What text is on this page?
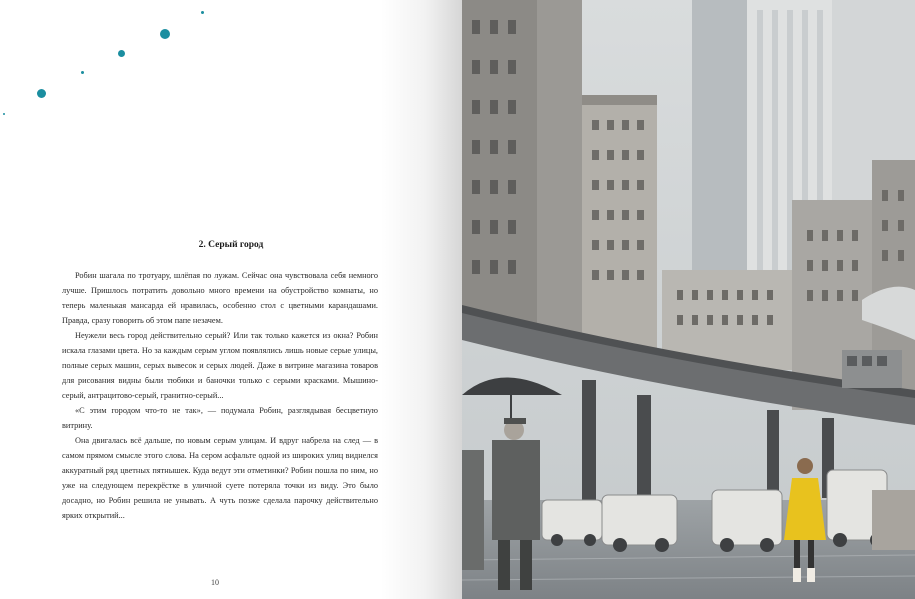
2. Серый город

Робин шагала по тротуару, шлёпая по лужам. Сейчас она чувствовала себя немного лучше. Пришлось потратить довольно много времени на обустройство комнаты, но теперь маленькая мансарда ей нравилась, особенно стол с цветными карандашами. Правда, сразу говорить об этом папе незачем.

Неужели весь город действительно серый? Или так только кажется из окна? Робин искала глазами цвета. Но за каждым серым углом появлялись лишь новые серые улицы, полные серых машин, серых вывесок и серых людей. Даже в витрине магазина товаров для рисования видны были тюбики и баночки только с серыми красками. Мышино-серый, антрацитово-серый, гранитно-серый...

«С этим городом что-то не так», — подумала Робин, разглядывая бесцветную витрину.

Она двигалась всё дальше, по новым серым улицам. И вдруг набрела на след — в самом прямом смысле этого слова. На сером асфальте одной из широких улиц виднелся аккуратный ряд цветных пятнышек. Куда ведут эти отметинки? Робин пошла по ним, но уже на следующем перекрёстке в уличной суете потеряла точки из виду. Это было досадно, но Робин решила не унывать. А чуть позже сделала парочку действительно ярких открытий...

10
